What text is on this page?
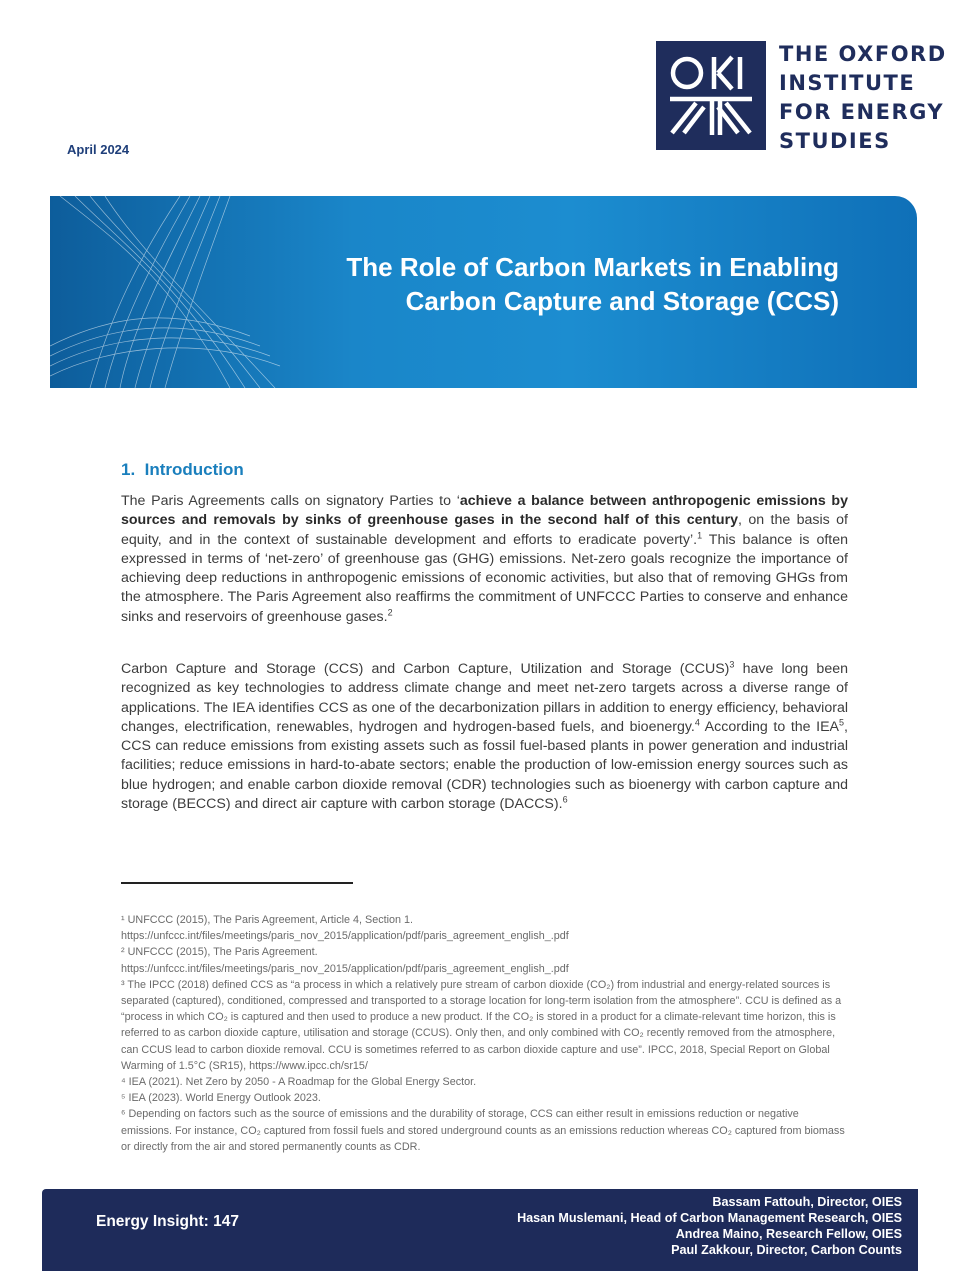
THE OXFORD
INSTITUTE
FOR ENERGY
STUDIES
April 2024
The Role of Carbon Markets in Enabling
Carbon Capture and Storage (CCS)
1.  Introduction
The Paris Agreements calls on signatory Parties to ‘achieve a balance between anthropogenic emissions by sources and removals by sinks of greenhouse gases in the second half of this century, on the basis of equity, and in the context of sustainable development and efforts to eradicate poverty’.$^1$ This balance is often expressed in terms of ‘net-zero’ of greenhouse gas (GHG) emissions. Net-zero goals recognize the importance of achieving deep reductions in anthropogenic emissions of economic activities, but also that of removing GHGs from the atmosphere. The Paris Agreement also reaffirms the commitment of UNFCCC Parties to conserve and enhance sinks and reservoirs of greenhouse gases.$^2$
Carbon Capture and Storage (CCS) and Carbon Capture, Utilization and Storage (CCUS)$^3$ have long been recognized as key technologies to address climate change and meet net-zero targets across a diverse range of applications. The IEA identifies CCS as one of the decarbonization pillars in addition to energy efficiency, behavioral changes, electrification, renewables, hydrogen and hydrogen-based fuels, and bioenergy.$^4$ According to the IEA$^5$, CCS can reduce emissions from existing assets such as fossil fuel-based plants in power generation and industrial facilities; reduce emissions in hard-to-abate sectors; enable the production of low-emission energy sources such as blue hydrogen; and enable carbon dioxide removal (CDR) technologies such as bioenergy with carbon capture and storage (BECCS) and direct air capture with carbon storage (DACCS).$^6$

¹ UNFCCC (2015), The Paris Agreement, Article 4, Section 1.

https://unfccc.int/files/meetings/paris_nov_2015/application/pdf/paris_agreement_english_.pdf

² UNFCCC (2015), The Paris Agreement.

https://unfccc.int/files/meetings/paris_nov_2015/application/pdf/paris_agreement_english_.pdf

³ The IPCC (2018) defined CCS as “a process in which a relatively pure stream of carbon dioxide (CO₂) from industrial and energy-related sources is separated (captured), conditioned, compressed and transported to a storage location for long-term isolation from the atmosphere”. CCU is defined as a “process in which CO₂ is captured and then used to produce a new product. If the CO₂ is stored in a product for a climate-relevant time horizon, this is referred to as carbon dioxide capture, utilisation and storage (CCUS). Only then, and only combined with CO₂ recently removed from the atmosphere, can CCUS lead to carbon dioxide removal. CCU is sometimes referred to as carbon dioxide capture and use”. IPCC, 2018, Special Report on Global Warming of 1.5°C (SR15), https://www.ipcc.ch/sr15/

⁴ IEA (2021). Net Zero by 2050 - A Roadmap for the Global Energy Sector.

⁵ IEA (2023). World Energy Outlook 2023.

⁶ Depending on factors such as the source of emissions and the durability of storage, CCS can either result in emissions reduction or negative emissions. For instance, CO₂ captured from fossil fuels and stored underground counts as an emissions reduction whereas CO₂ captured from biomass or directly from the air and stored permanently counts as CDR.

Energy Insight: 147
Bassam Fattouh, Director, OIES
Hasan Muslemani, Head of Carbon Management Research, OIES
Andrea Maino, Research Fellow, OIES
Paul Zakkour, Director, Carbon Counts
